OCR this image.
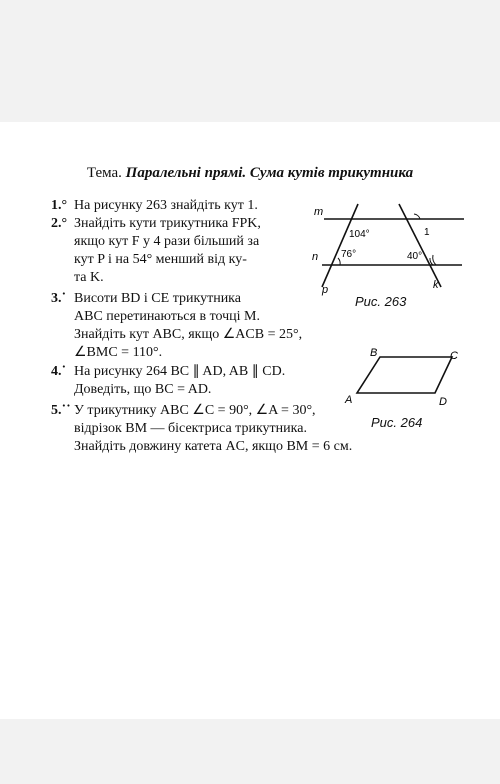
Тема. Паралельні прямі. Сума кутів трикутника
1.° На рисунку 263 знайдіть кут 1.
2.° Знайдіть кути трикутника FPK,
якщо кут F у 4 рази більший за
кут P і на 54° менший від ку-
та K.
3.˙ Висоти BD і CE трикутника
ABC перетинаються в точці M.
Знайдіть кут ABC, якщо ∠ACB = 25°,
∠BMC = 110°.
4.˙ На рисунку 264 BC ∥ AD, AB ∥ CD.
Доведіть, що BC = AD.
5.˙˙ У трикутнику ABC ∠C = 90°, ∠A = 30°,
відрізок BM — бісектриса трикутника.
Знайдіть довжину катета AC, якщо BM = 6 см.
m
n
p	k
104°
76°	40°
1
Рис. 263
B	C
A	D
Рис. 264
